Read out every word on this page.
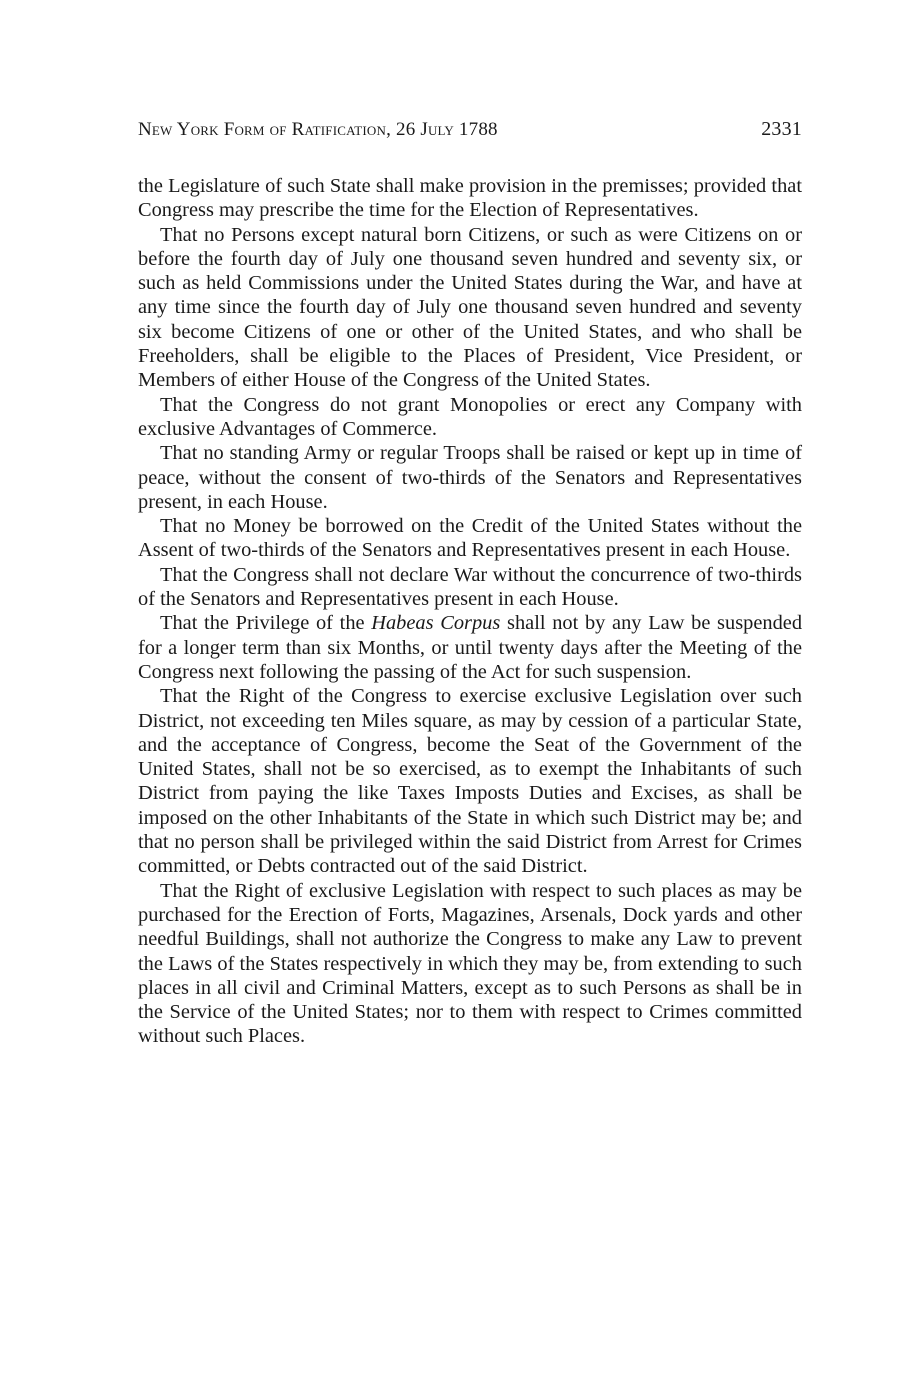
New York Form of Ratification, 26 July 1788	2331

the Legislature of such State shall make provision in the premisses; provided that Congress may prescribe the time for the Election of Representatives.

That no Persons except natural born Citizens, or such as were Citizens on or before the fourth day of July one thousand seven hundred and seventy six, or such as held Commissions under the United States during the War, and have at any time since the fourth day of July one thousand seven hundred and seventy six become Citizens of one or other of the United States, and who shall be Freeholders, shall be eligible to the Places of President, Vice President, or Members of either House of the Congress of the United States.

That the Congress do not grant Monopolies or erect any Company with exclusive Advantages of Commerce.

That no standing Army or regular Troops shall be raised or kept up in time of peace, without the consent of two-thirds of the Senators and Representatives present, in each House.

That no Money be borrowed on the Credit of the United States without the Assent of two-thirds of the Senators and Representatives present in each House.

That the Congress shall not declare War without the concurrence of two-thirds of the Senators and Representatives present in each House.

That the Privilege of the Habeas Corpus shall not by any Law be suspended for a longer term than six Months, or until twenty days after the Meeting of the Congress next following the passing of the Act for such suspension.

That the Right of the Congress to exercise exclusive Legislation over such District, not exceeding ten Miles square, as may by cession of a particular State, and the acceptance of Congress, become the Seat of the Government of the United States, shall not be so exercised, as to exempt the Inhabitants of such District from paying the like Taxes Imposts Duties and Excises, as shall be imposed on the other Inhabitants of the State in which such District may be; and that no person shall be privileged within the said District from Arrest for Crimes committed, or Debts contracted out of the said District.

That the Right of exclusive Legislation with respect to such places as may be purchased for the Erection of Forts, Magazines, Arsenals, Dock yards and other needful Buildings, shall not authorize the Congress to make any Law to prevent the Laws of the States respectively in which they may be, from extending to such places in all civil and Criminal Matters, except as to such Persons as shall be in the Service of the United States; nor to them with respect to Crimes committed without such Places.
